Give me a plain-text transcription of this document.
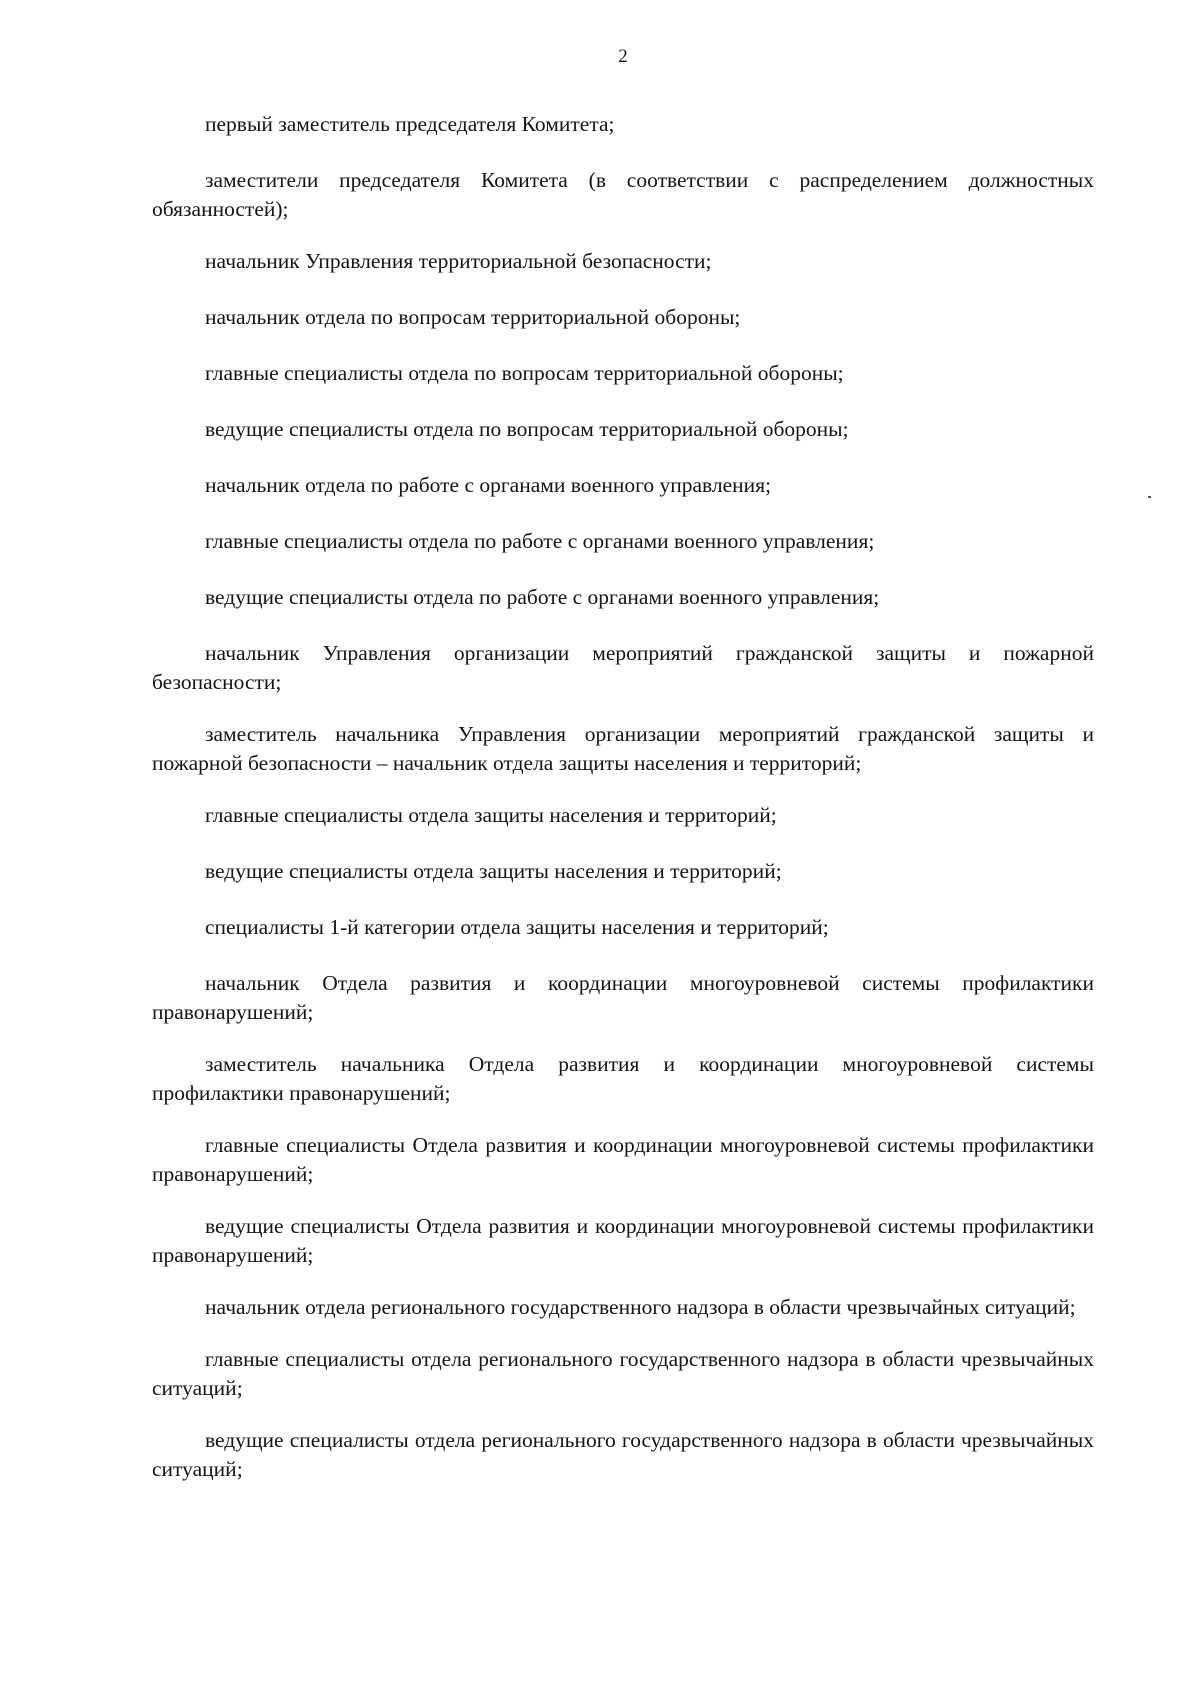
2
первый заместитель председателя Комитета;
заместители председателя Комитета (в соответствии с распределением должностных обязанностей);
начальник Управления территориальной безопасности;
начальник отдела по вопросам территориальной обороны;
главные специалисты отдела по вопросам территориальной обороны;
ведущие специалисты отдела по вопросам территориальной обороны;
начальник отдела по работе с органами военного управления;
главные специалисты отдела по работе с органами военного управления;
ведущие специалисты отдела по работе с органами военного управления;
начальник Управления организации мероприятий гражданской защиты и пожарной безопасности;
заместитель начальника Управления организации мероприятий гражданской защиты и пожарной безопасности – начальник отдела защиты населения и территорий;
главные специалисты отдела защиты населения и территорий;
ведущие специалисты отдела защиты населения и территорий;
специалисты 1-й категории отдела защиты населения и территорий;
начальник Отдела развития и координации многоуровневой системы профилактики правонарушений;
заместитель начальника Отдела развития и координации многоуровневой системы профилактики правонарушений;
главные специалисты Отдела развития и координации многоуровневой системы профилактики правонарушений;
ведущие специалисты Отдела развития и координации многоуровневой системы профилактики правонарушений;
начальник отдела регионального государственного надзора в области чрезвычайных ситуаций;
главные специалисты отдела регионального государственного надзора в области чрезвычайных ситуаций;
ведущие специалисты отдела регионального государственного надзора в области чрезвычайных ситуаций;
